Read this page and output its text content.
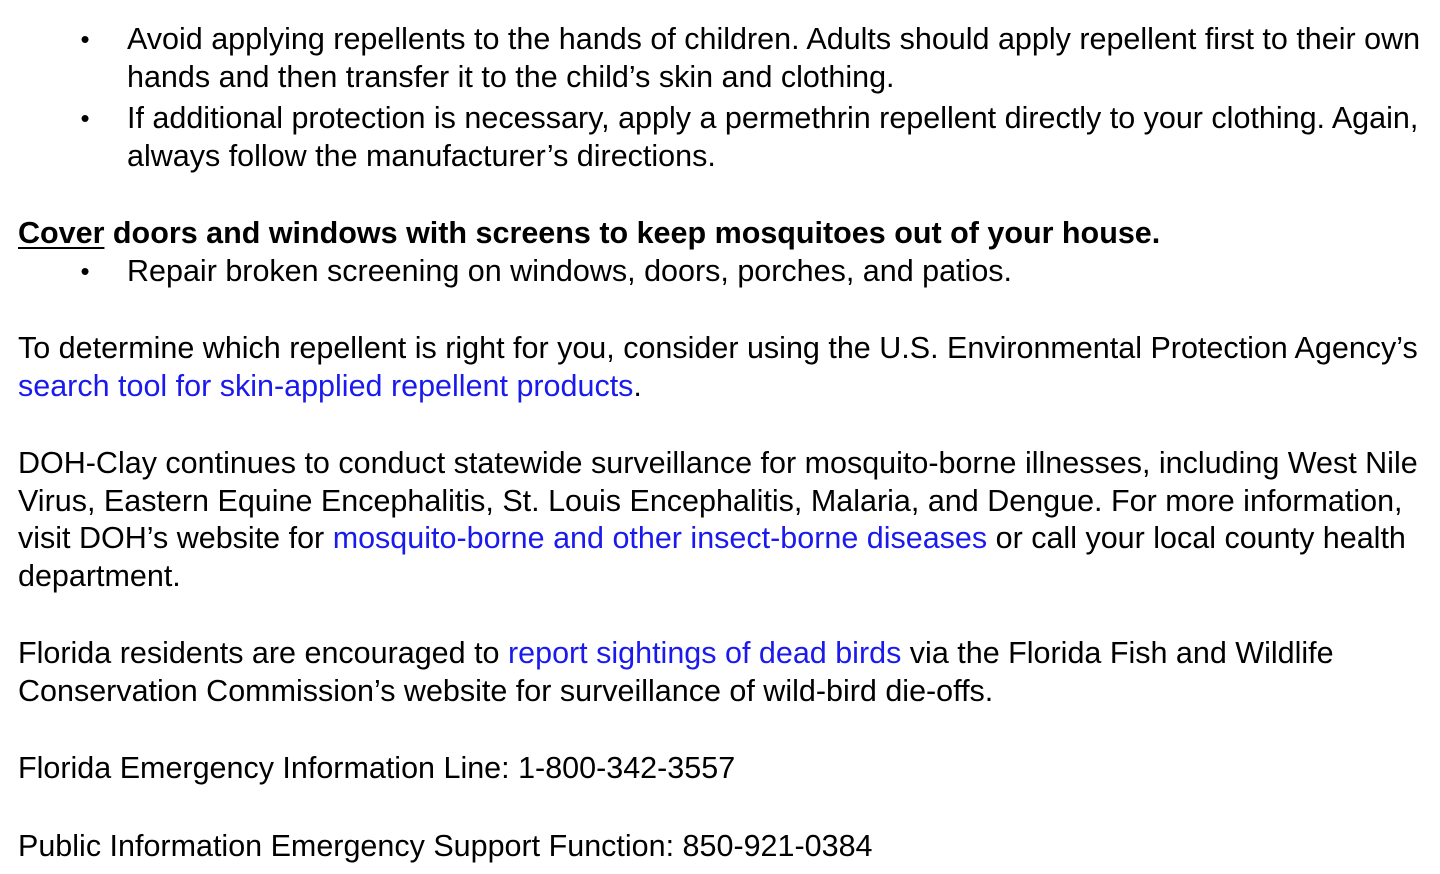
• Avoid applying repellents to the hands of children. Adults should apply repellent first to their own hands and then transfer it to the child’s skin and clothing.
• If additional protection is necessary, apply a permethrin repellent directly to your clothing. Again, always follow the manufacturer’s directions.

Cover doors and windows with screens to keep mosquitoes out of your house.

• Repair broken screening on windows, doors, porches, and patios.

To determine which repellent is right for you, consider using the U.S. Environmental Protection Agency’s search tool for skin-applied repellent products.

DOH-Clay continues to conduct statewide surveillance for mosquito-borne illnesses, including West Nile Virus, Eastern Equine Encephalitis, St. Louis Encephalitis, Malaria, and Dengue. For more information, visit DOH’s website for mosquito-borne and other insect-borne diseases or call your local county health department.

Florida residents are encouraged to report sightings of dead birds via the Florida Fish and Wildlife Conservation Commission’s website for surveillance of wild-bird die-offs.

Florida Emergency Information Line: 1-800-342-3557

Public Information Emergency Support Function: 850-921-0384
